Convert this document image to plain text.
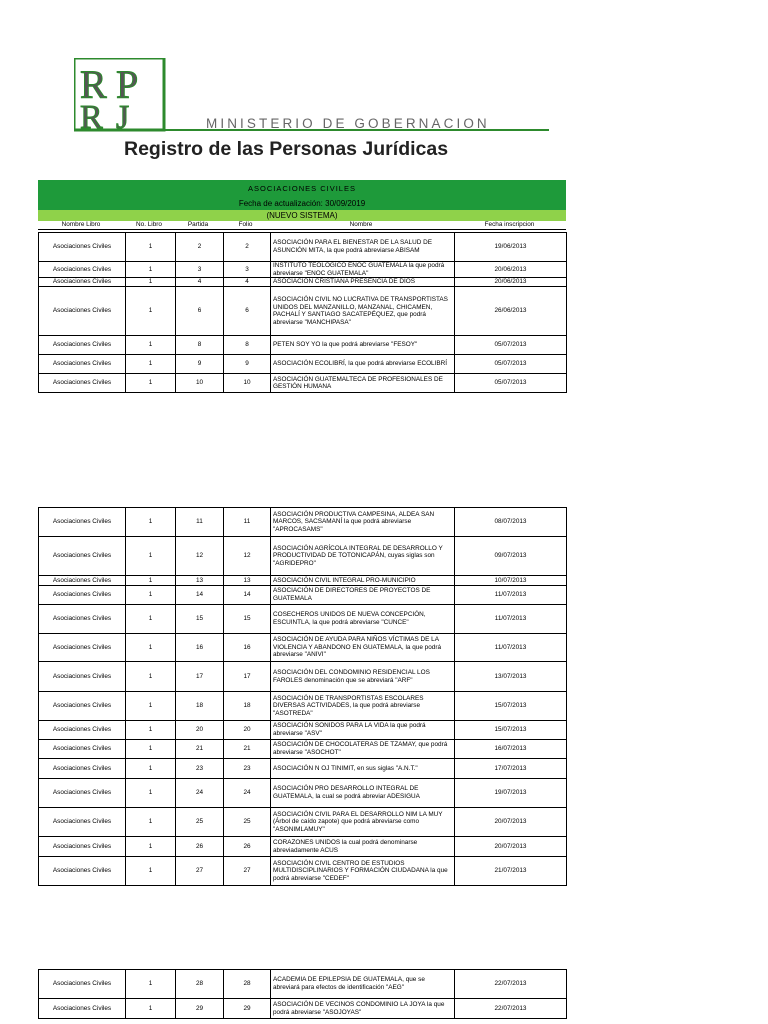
R P
R J	MINISTERIO DE GOBERNACION
Registro de las Personas Jurídicas
ASOCIACIONES CIVILES
Fecha de actualización: 30/09/2019
(NUEVO SISTEMA)
Nombre Libro	No. Libro	Partida	Folio	Nombre	Fecha inscripcion
Asociaciones Civiles	1	2	2	ASOCIACIÓN PARA EL BIENESTAR DE LA SALUD DE ASUNCIÓN MITA, la que podrá abreviarse ABISAM	19/06/2013
Asociaciones Civiles	1	3	3	INSTITUTO TEOLOGICO ENOC GUATEMALA la que podrá abreviarse "ENOC GUATEMALA"	20/06/2013
Asociaciones Civiles	1	4	4	ASOCIACIÓN CRISTIANA PRESENCIA DE DIOS	20/06/2013
Asociaciones Civiles	1	6	6	ASOCIACIÓN CIVIL NO LUCRATIVA DE TRANSPORTISTAS UNIDOS DEL MANZANILLO, MANZANAL, CHICAMEN, PACHALÍ Y SANTIAGO SACATEPÉQUEZ, que podrá abreviarse "MANCHIPASA"	26/06/2013
Asociaciones Civiles	1	8	8	PETEN SOY YO la que podrá abreviarse "FESOY"	05/07/2013
Asociaciones Civiles	1	9	9	ASOCIACIÓN ECOLIBRÍ, la que podrá abreviarse ECOLIBRÍ	05/07/2013
Asociaciones Civiles	1	10	10	ASOCIACIÓN GUATEMALTECA DE PROFESIONALES DE GESTIÓN HUMANA	05/07/2013
Asociaciones Civiles	1	11	11	ASOCIACIÓN PRODUCTIVA CAMPESINA, ALDEA SAN MARCOS, SACSAMANÍ la que podrá abreviarse "APROCASAMS"	08/07/2013
Asociaciones Civiles	1	12	12	ASOCIACIÓN AGRÍCOLA INTEGRAL DE DESARROLLO Y PRODUCTIVIDAD DE TOTONICAPÁN, cuyas siglas son "AGRIDEPRO"	09/07/2013
Asociaciones Civiles	1	13	13	ASOCIACIÓN CIVIL INTEGRAL PRO-MUNICIPIO	10/07/2013
Asociaciones Civiles	1	14	14	ASOCIACIÓN DE DIRECTORES DE PROYECTOS DE GUATEMALA	11/07/2013
Asociaciones Civiles	1	15	15	COSECHEROS UNIDOS DE NUEVA CONCEPCIÓN, ESCUINTLA, la que podrá abreviarse "CUNCE"	11/07/2013
Asociaciones Civiles	1	16	16	ASOCIACIÓN DE AYUDA PARA NIÑOS VÍCTIMAS DE LA VIOLENCIA Y ABANDONO EN GUATEMALA, la que podrá abreviarse "ANIVI"	11/07/2013
Asociaciones Civiles	1	17	17	ASOCIACIÓN DEL CONDOMINIO RESIDENCIAL LOS FAROLES denominación que se abreviará "ARF"	13/07/2013
Asociaciones Civiles	1	18	18	ASOCIACIÓN DE TRANSPORTISTAS ESCOLARES DIVERSAS ACTIVIDADES, la que podrá abreviarse "ASOTREDA"	15/07/2013
Asociaciones Civiles	1	20	20	ASOCIACIÓN SONIDOS PARA LA VIDA la que podrá abreviarse "ASV"	15/07/2013
Asociaciones Civiles	1	21	21	ASOCIACIÓN DE CHOCOLATERAS DE TZAMAY, que podrá abreviarse "ASOCHOT"	16/07/2013
Asociaciones Civiles	1	23	23	ASOCIACIÓN N OJ TINIMIT, en sus siglas "A.N.T."	17/07/2013
Asociaciones Civiles	1	24	24	ASOCIACIÓN PRO DESARROLLO INTEGRAL DE GUATEMALA, la cual se podrá abreviar ADESIGUA	19/07/2013
Asociaciones Civiles	1	25	25	ASOCIACIÓN CIVIL PARA EL DESARROLLO NIM LA MUY (Árbol de caído zapote) que podrá abreviarse como "ASONIMLAMUY"	20/07/2013
Asociaciones Civiles	1	26	26	CORAZONES UNIDOS la cual podrá denominarse abreviadamente ACUS	20/07/2013
Asociaciones Civiles	1	27	27	ASOCIACIÓN CIVIL CENTRO DE ESTUDIOS MULTIDISCIPLINARIOS Y FORMACIÓN CIUDADANA la que podrá abreviarse "CEDEF"	21/07/2013
Asociaciones Civiles	1	28	28	ACADEMIA DE EPILEPSIA DE GUATEMALA, que se abreviará para efectos de identificación "AEG"	22/07/2013
Asociaciones Civiles	1	29	29	ASOCIACIÓN DE VECINOS CONDOMINIO LA JOYA la que podrá abreviarse "ASOJOYAS"	22/07/2013
